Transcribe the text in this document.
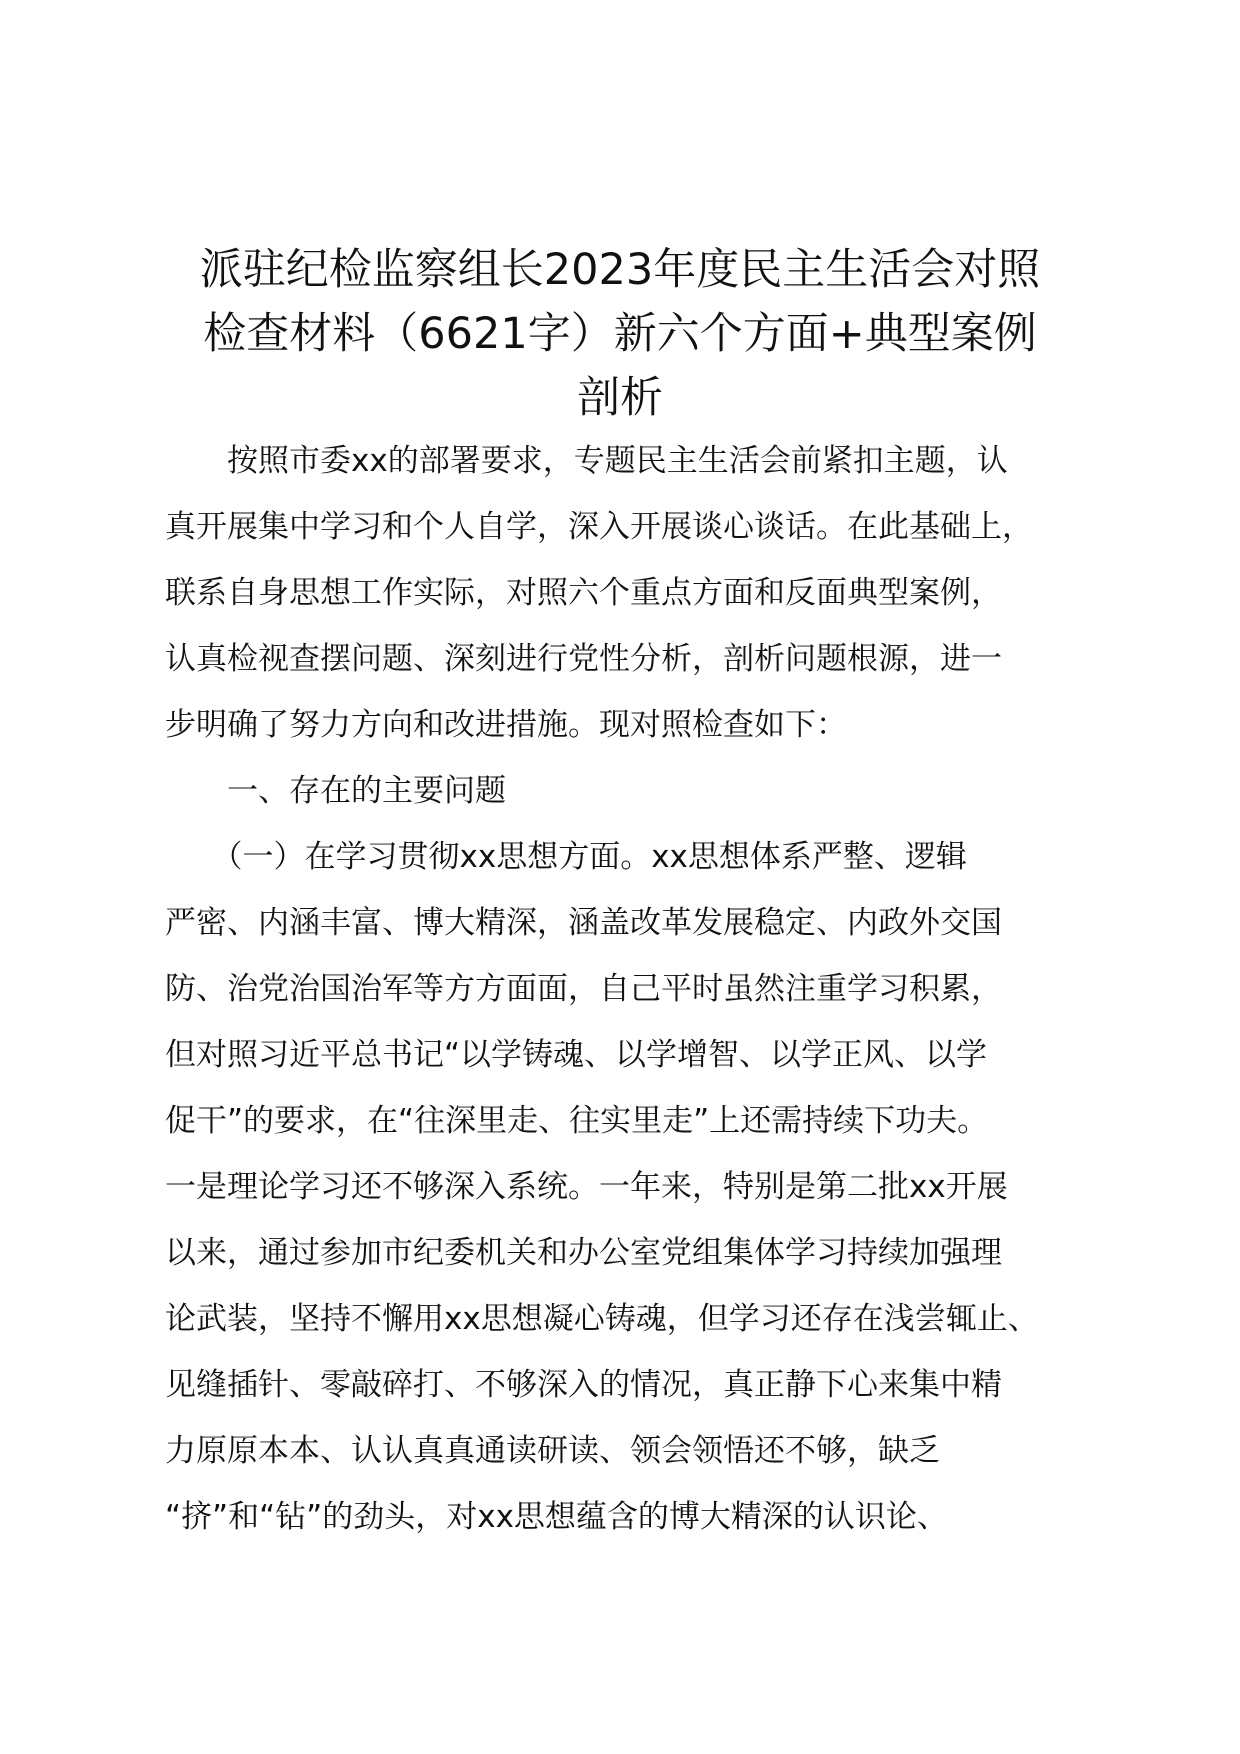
派驻纪检监察组长2023年度民主生活会对照
检查材料（6621字）新六个方面+典型案例
剖析
　　按照市委xx的部署要求，专题民主生活会前紧扣主题，认
真开展集中学习和个人自学，深入开展谈心谈话。在此基础上，
联系自身思想工作实际，对照六个重点方面和反面典型案例，
认真检视查摆问题、深刻进行党性分析，剖析问题根源，进一
步明确了努力方向和改进措施。现对照检查如下：
　　一、存在的主要问题
　　（一）在学习贯彻xx思想方面。xx思想体系严整、逻辑
严密、内涵丰富、博大精深，涵盖改革发展稳定、内政外交国
防、治党治国治军等方方面面，自己平时虽然注重学习积累，
但对照习近平总书记“以学铸魂、以学增智、以学正风、以学
促干”的要求，在“往深里走、往实里走”上还需持续下功夫。
一是理论学习还不够深入系统。一年来，特别是第二批xx开展
以来，通过参加市纪委机关和办公室党组集体学习持续加强理
论武装，坚持不懈用xx思想凝心铸魂，但学习还存在浅尝辄止、
见缝插针、零敲碎打、不够深入的情况，真正静下心来集中精
力原原本本、认认真真通读研读、领会领悟还不够，缺乏
“挤”和“钻”的劲头，对xx思想蕴含的博大精深的认识论、
